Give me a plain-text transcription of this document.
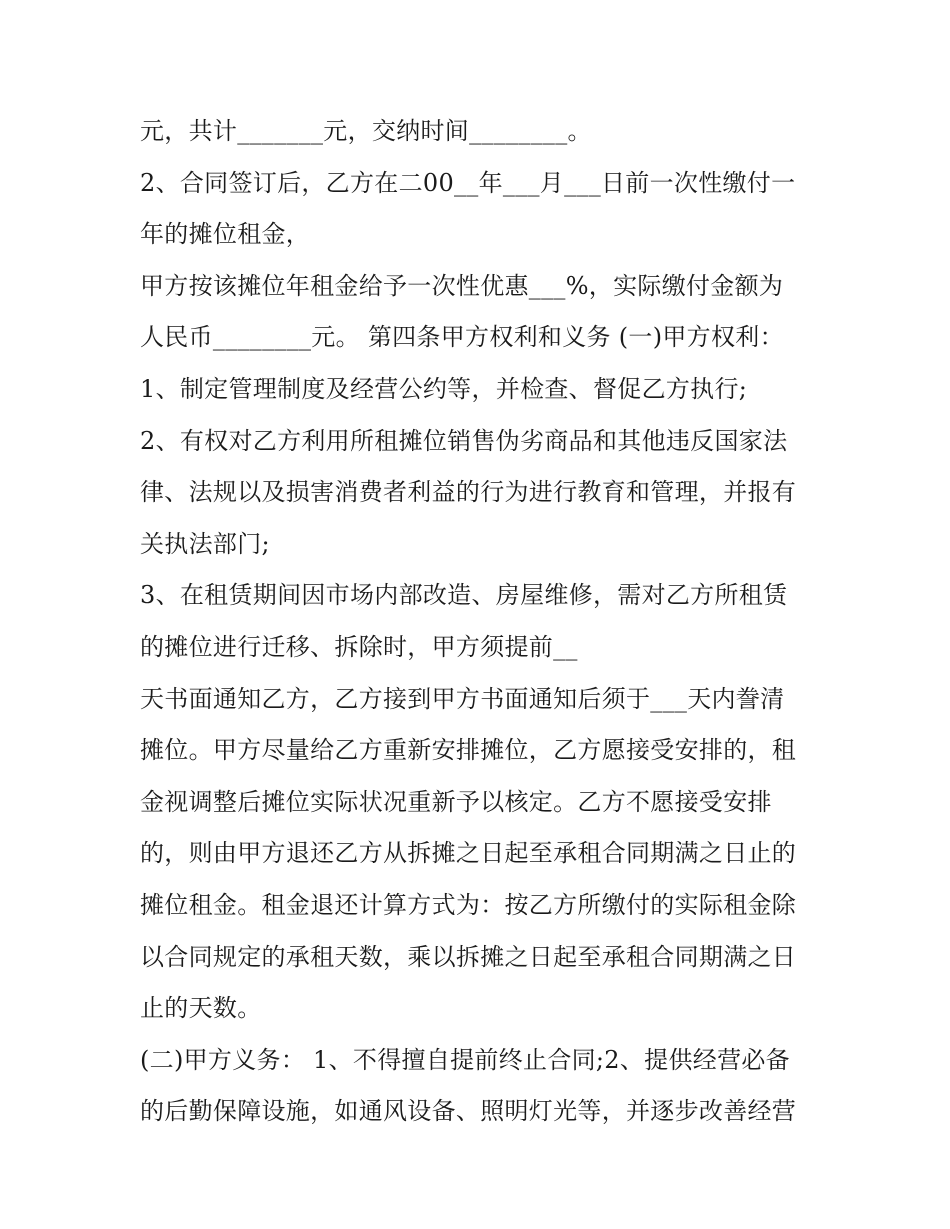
元，共计_______元，交纳时间________。
2、合同签订后，乙方在二00__年___月___日前一次性缴付一
年的摊位租金，
甲方按该摊位年租金给予一次性优惠___%，实际缴付金额为
人民币________元。 第四条甲方权利和义务 (一)甲方权利：
1、制定管理制度及经营公约等，并检查、督促乙方执行;
2、有权对乙方利用所租摊位销售伪劣商品和其他违反国家法
律、法规以及损害消费者利益的行为进行教育和管理，并报有
关执法部门;
3、在租赁期间因市场内部改造、房屋维修，需对乙方所租赁
的摊位进行迁移、拆除时，甲方须提前__
天书面通知乙方，乙方接到甲方书面通知后须于___天内誊清
摊位。甲方尽量给乙方重新安排摊位，乙方愿接受安排的，租
金视调整后摊位实际状况重新予以核定。乙方不愿接受安排
的，则由甲方退还乙方从拆摊之日起至承租合同期满之日止的
摊位租金。租金退还计算方式为：按乙方所缴付的实际租金除
以合同规定的承租天数，乘以拆摊之日起至承租合同期满之日
止的天数。
(二)甲方义务： 1、不得擅自提前终止合同;2、提供经营必备
的后勤保障设施，如通风设备、照明灯光等，并逐步改善经营
